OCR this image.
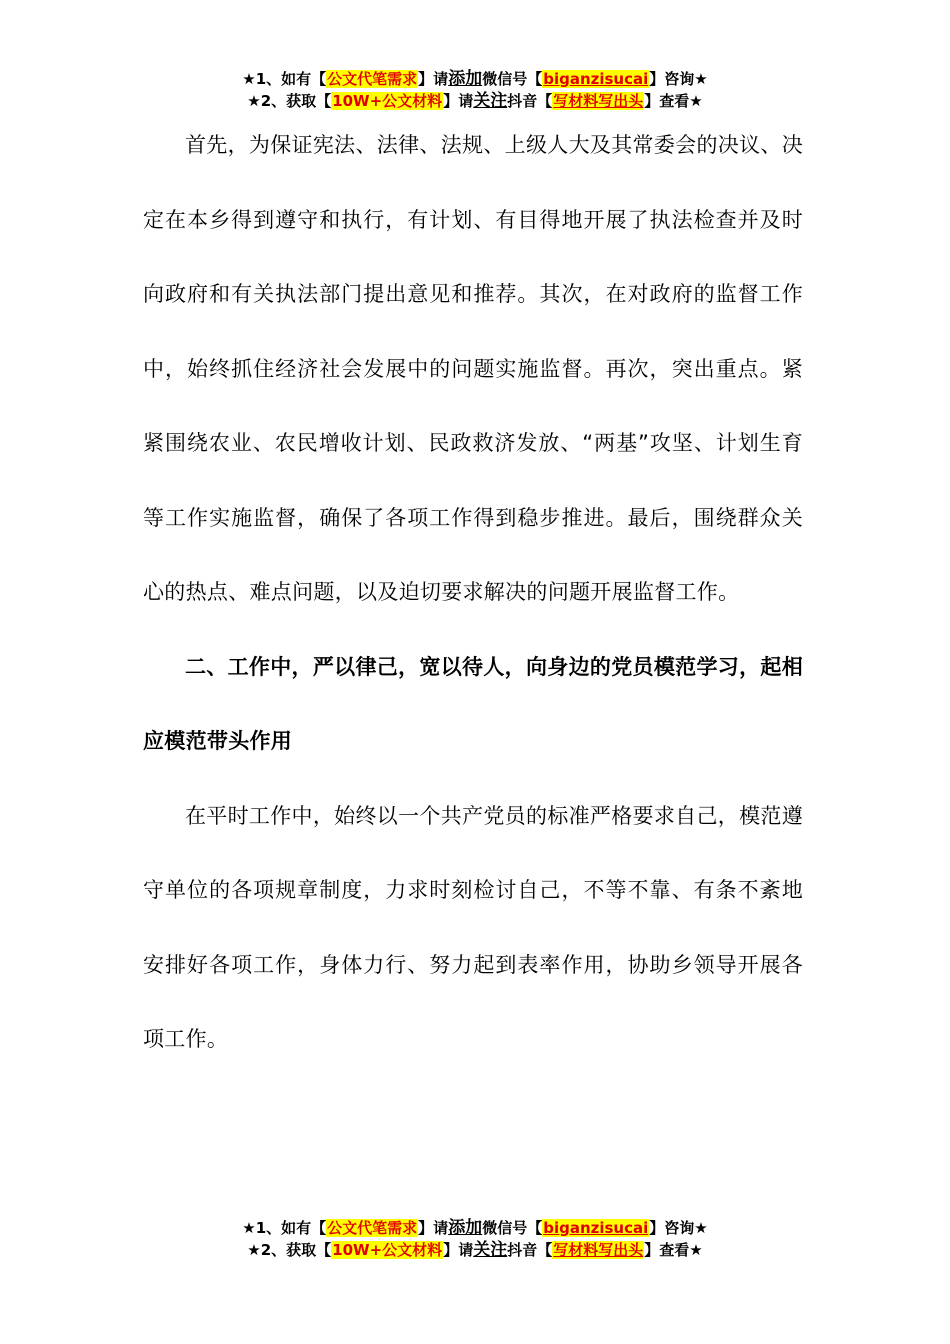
★1、如有【公文代笔需求】请添加微信号【biganzisucai】咨询★
★2、获取【10W+公文材料】请关注抖音【写材料写出头】查看★

首先，为保证宪法、法律、法规、上级人大及其常委会的决议、决定在本乡得到遵守和执行，有计划、有目得地开展了执法检查并及时向政府和有关执法部门提出意见和推荐。其次，在对政府的监督工作中，始终抓住经济社会发展中的问题实施监督。再次，突出重点。紧紧围绕农业、农民增收计划、民政救济发放、“两基”攻坚、计划生育等工作实施监督，确保了各项工作得到稳步推进。最后，围绕群众关心的热点、难点问题，以及迫切要求解决的问题开展监督工作。

二、工作中，严以律己，宽以待人，向身边的党员模范学习，起相应模范带头作用

在平时工作中，始终以一个共产党员的标准严格要求自己，模范遵守单位的各项规章制度，力求时刻检讨自己，不等不靠、有条不紊地安排好各项工作，身体力行、努力起到表率作用，协助乡领导开展各项工作。

★1、如有【公文代笔需求】请添加微信号【biganzisucai】咨询★
★2、获取【10W+公文材料】请关注抖音【写材料写出头】查看★
